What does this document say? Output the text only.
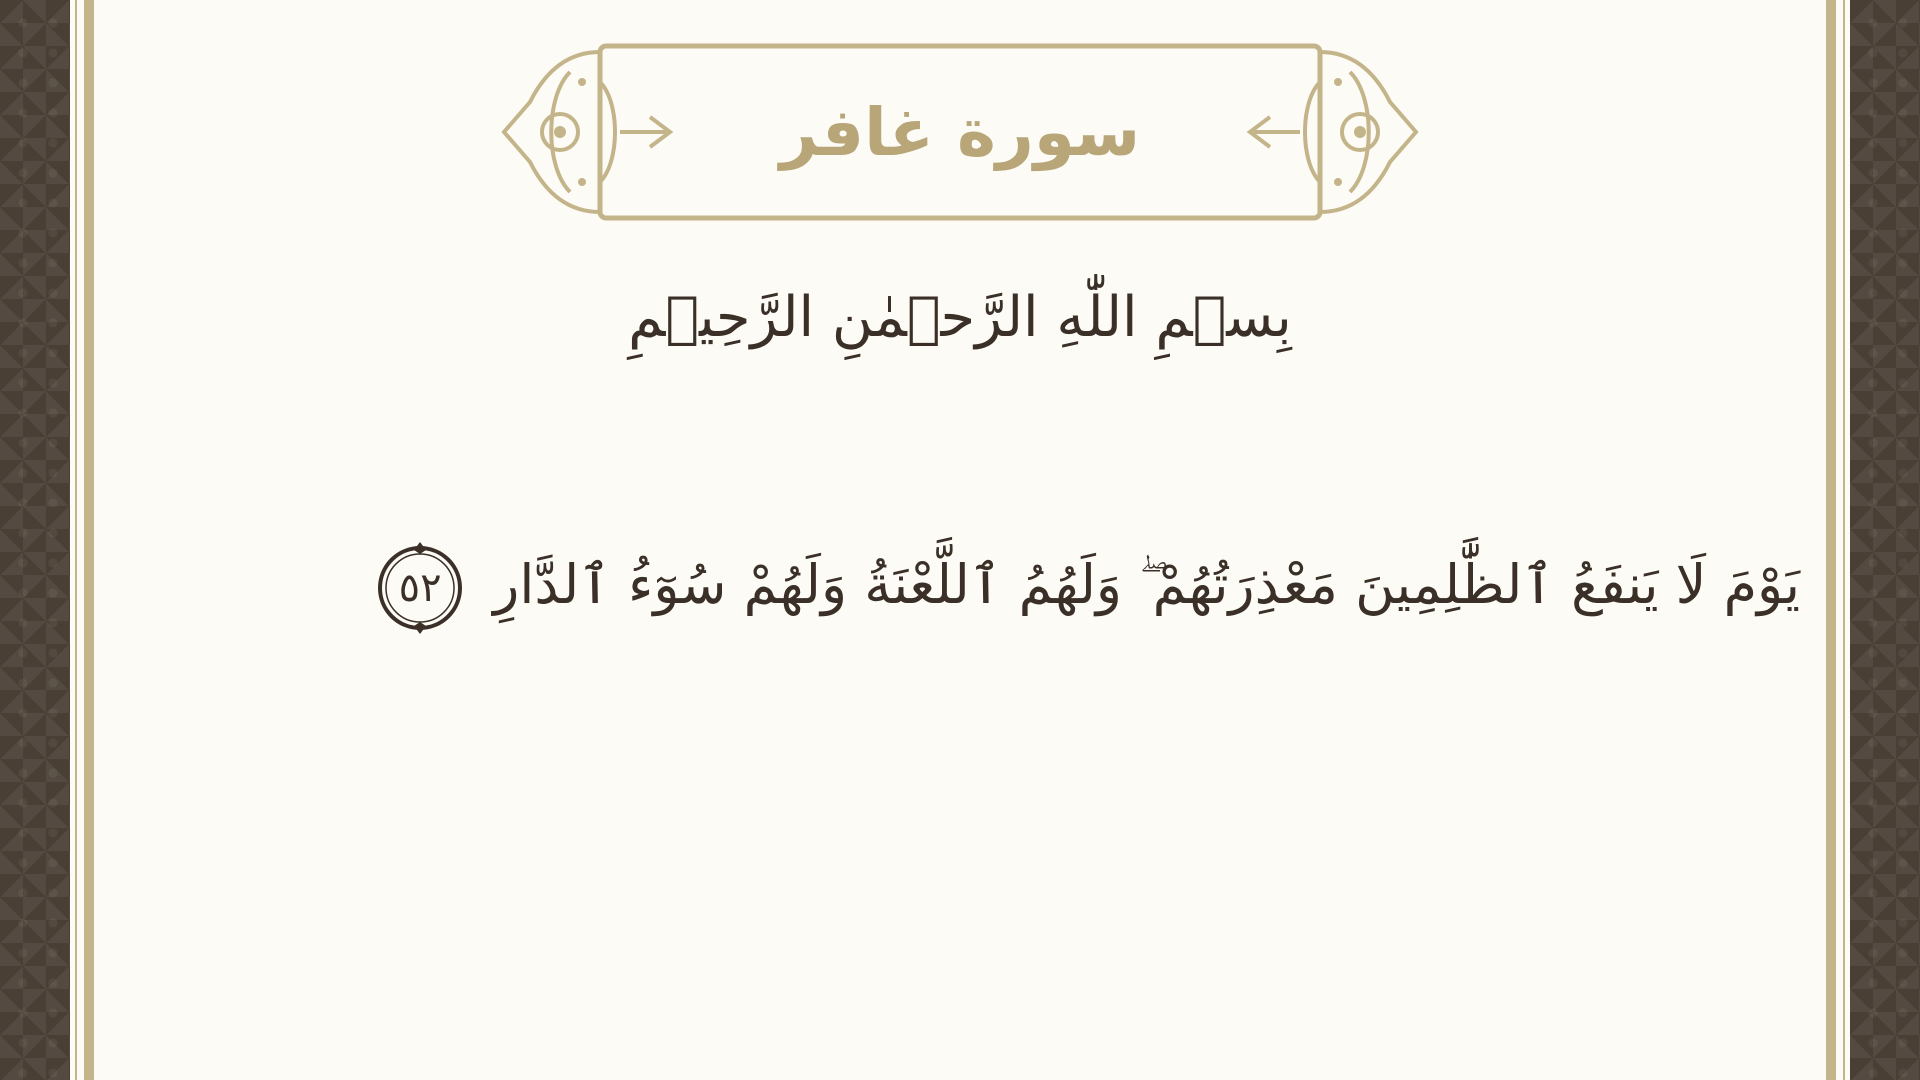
سورة غافر
بِسۡمِ اللّٰهِ الرَّحۡمٰنِ الرَّحِيۡمِ
يَوْمَ لَا يَنفَعُ ٱلظَّٰلِمِينَ مَعْذِرَتُهُمْ ۖ وَلَهُمُ ٱللَّعْنَةُ وَلَهُمْ سُوٓءُ ٱلدَّارِ
٥٢
